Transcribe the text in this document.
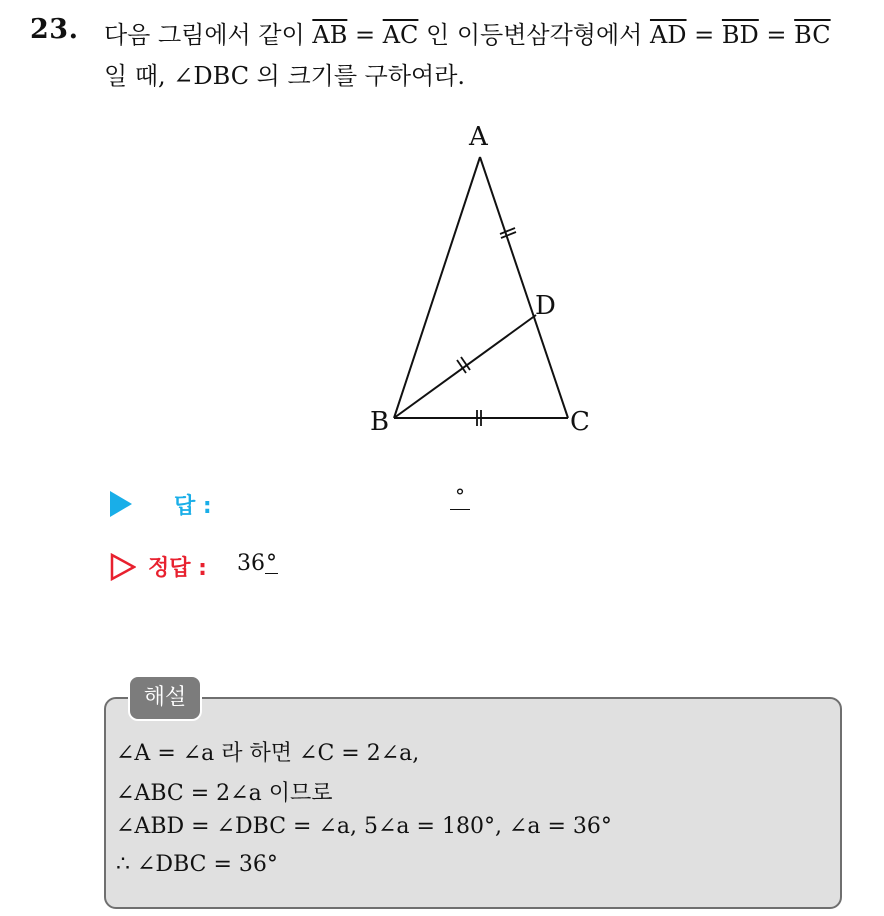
23. 다음 그림에서 같이 $\overline{AB} = \overline{AC}$ 인 이등변삼각형에서 $\overline{AD} = \overline{BD} = \overline{BC}$
일 때, ∠DBC 의 크기를 구하여라.
A
B	C
D
답 :	°
정답 : 36°
해설
∠A = ∠a 라 하면 ∠C = 2∠a,
∠ABC = 2∠a 이므로
∠ABD = ∠DBC = ∠a, 5∠a = 180°, ∠a = 36°
∴ ∠DBC = 36°
